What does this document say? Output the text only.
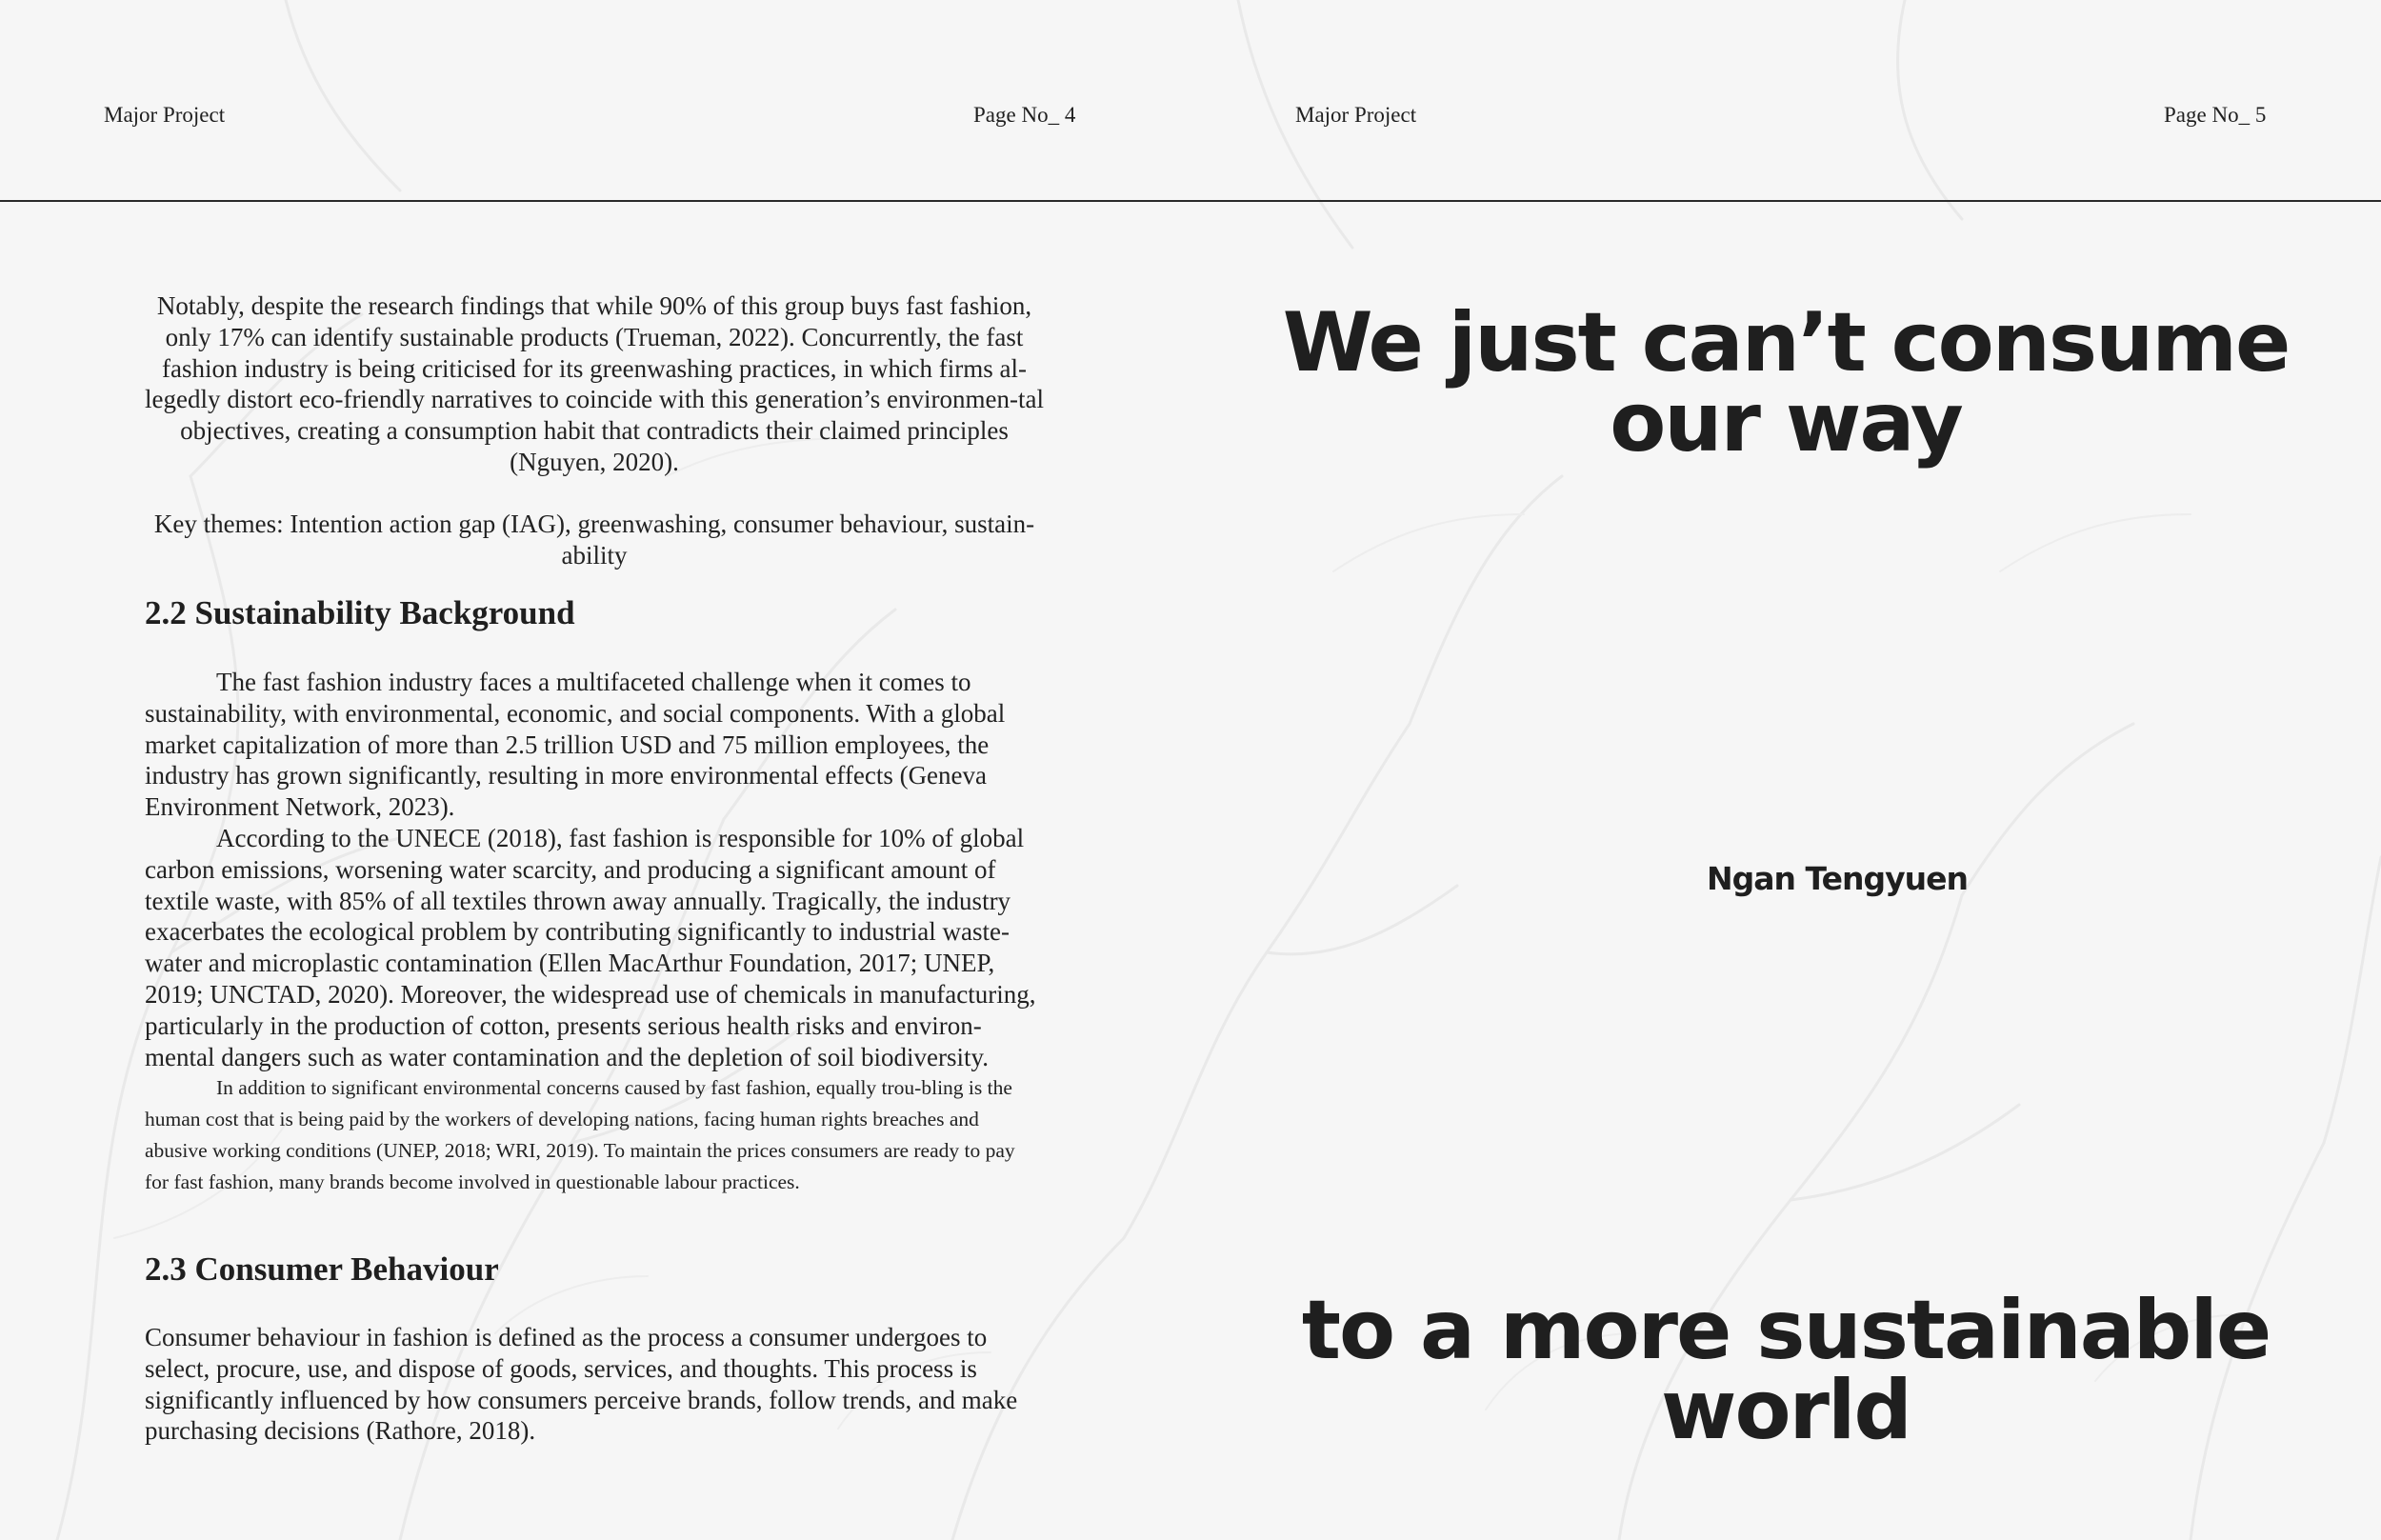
Major Project	Page No_ 4

Notably, despite the research findings that while 90% of this group buys fast fashion, only 17% can identify sustainable products (Trueman, 2022). Concurrently, the fast fashion industry is being criticised for its greenwashing practices, in which firms al-legedly distort eco-friendly narratives to coincide with this generation’s environmen-tal objectives, creating a consumption habit that contradicts their claimed principles (Nguyen, 2020).

Key themes: Intention action gap (IAG), greenwashing, consumer behaviour, sustain-ability

2.2 Sustainability Background

The fast fashion industry faces a multifaceted challenge when it comes to sustainability, with environmental, economic, and social components. With a global market capitalization of more than 2.5 trillion USD and 75 million employees, the industry has grown significantly, resulting in more environmental effects (Geneva Environment Network, 2023).

According to the UNECE (2018), fast fashion is responsible for 10% of global carbon emissions, worsening water scarcity, and producing a significant amount of textile waste, with 85% of all textiles thrown away annually. Tragically, the industry exacerbates the ecological problem by contributing significantly to industrial waste-water and microplastic contamination (Ellen MacArthur Foundation, 2017; UNEP, 2019; UNCTAD, 2020). Moreover, the widespread use of chemicals in manufacturing, particularly in the production of cotton, presents serious health risks and environ-mental dangers such as water contamination and the depletion of soil biodiversity.

In addition to significant environmental concerns caused by fast fashion, equally trou-bling is the human cost that is being paid by the workers of developing nations, facing human rights breaches and abusive working conditions (UNEP, 2018; WRI, 2019). To maintain the prices consumers are ready to pay for fast fashion, many brands become involved in questionable labour practices.

2.3 Consumer Behaviour

Consumer behaviour in fashion is defined as the process a consumer undergoes to select, procure, use, and dispose of goods, services, and thoughts. This process is significantly influenced by how consumers perceive brands, follow trends, and make purchasing decisions (Rathore, 2018).

Major Project	Page No_ 5
We just can’t consume
our way
Ngan Tengyuen
to a more sustainable
world
